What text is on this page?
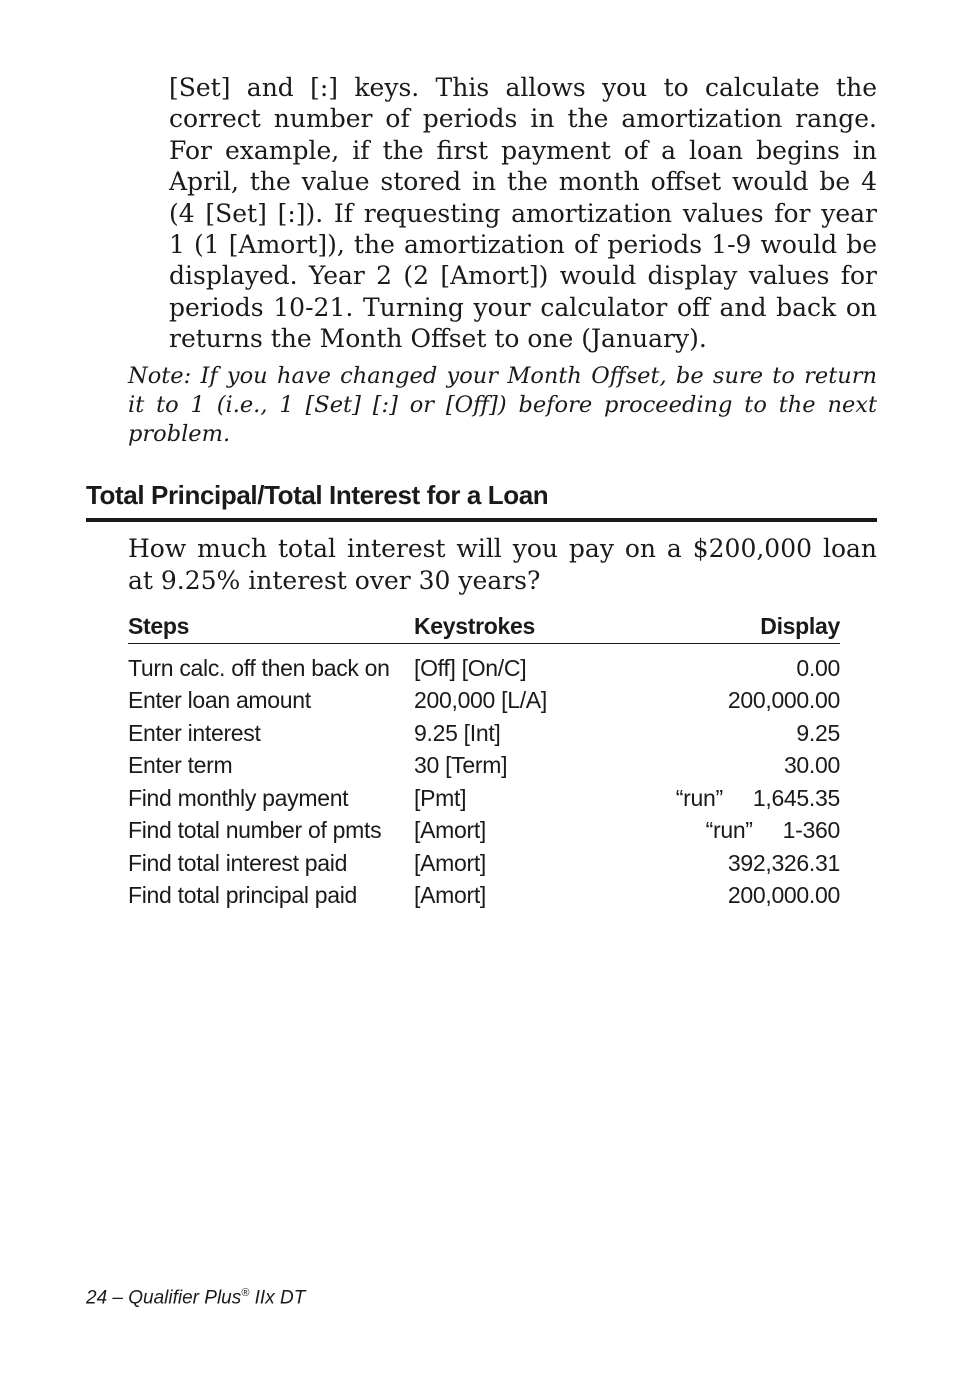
[Set] and [:] keys. This allows you to calculate the correct number of periods in the amortization range. For example, if the first payment of a loan begins in April, the value stored in the month offset would be 4 (4 [Set] [:]). If requesting amortization values for year 1 (1 [Amort]), the amortization of periods 1-9 would be displayed. Year 2 (2 [Amort]) would display values for periods 10-21. Turning your calculator off and back on returns the Month Offset to one (January).

Note: If you have changed your Month Offset, be sure to return it to 1 (i.e., 1 [Set] [:] or [Off]) before proceeding to the next problem.

Total Principal/Total Interest for a Loan

How much total interest will you pay on a $200,000 loan at 9.25% interest over 30 years?

Steps	Keystrokes	Display
Turn calc. off then back on	[Off] [On/C]	0.00
Enter loan amount	200,000 [L/A]	200,000.00
Enter interest	9.25 [Int]	9.25
Enter term	30 [Term]	30.00
Find monthly payment	[Pmt]	“run” 1,645.35
Find total number of pmts	[Amort]	“run” 1-360
Find total interest paid	[Amort]	392,326.31
Find total principal paid	[Amort]	200,000.00

24 – Qualifier Plus® IIx DT
